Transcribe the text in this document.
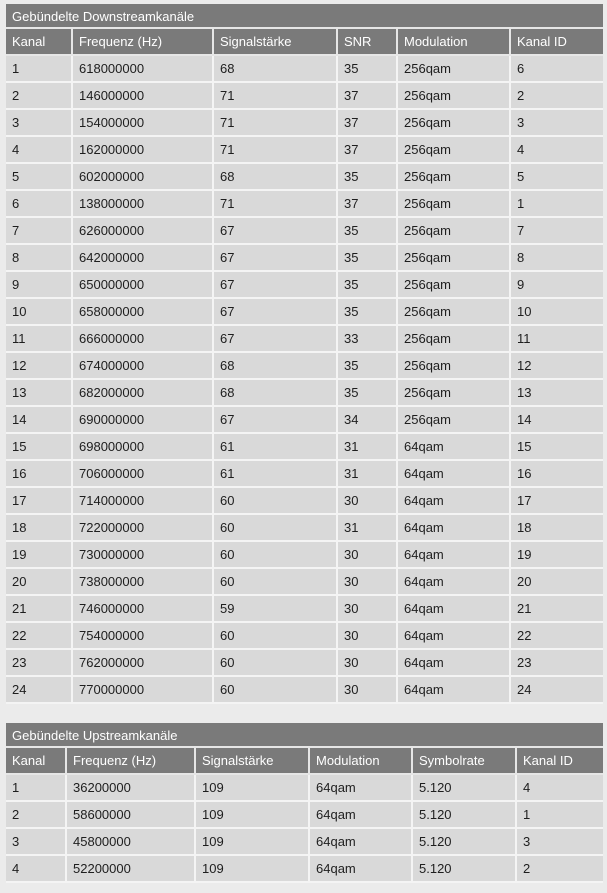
Gebündelte Downstreamkanäle
Kanal	Frequenz (Hz)	Signalstärke	SNR	Modulation	Kanal ID
1	618000000	68	35	256qam	6
2	146000000	71	37	256qam	2
3	154000000	71	37	256qam	3
4	162000000	71	37	256qam	4
5	602000000	68	35	256qam	5
6	138000000	71	37	256qam	1
7	626000000	67	35	256qam	7
8	642000000	67	35	256qam	8
9	650000000	67	35	256qam	9
10	658000000	67	35	256qam	10
11	666000000	67	33	256qam	11
12	674000000	68	35	256qam	12
13	682000000	68	35	256qam	13
14	690000000	67	34	256qam	14
15	698000000	61	31	64qam	15
16	706000000	61	31	64qam	16
17	714000000	60	30	64qam	17
18	722000000	60	31	64qam	18
19	730000000	60	30	64qam	19
20	738000000	60	30	64qam	20
21	746000000	59	30	64qam	21
22	754000000	60	30	64qam	22
23	762000000	60	30	64qam	23
24	770000000	60	30	64qam	24
Gebündelte Upstreamkanäle
Kanal	Frequenz (Hz)	Signalstärke	Modulation	Symbolrate	Kanal ID
1	36200000	109	64qam	5.120	4
2	58600000	109	64qam	5.120	1
3	45800000	109	64qam	5.120	3
4	52200000	109	64qam	5.120	2
